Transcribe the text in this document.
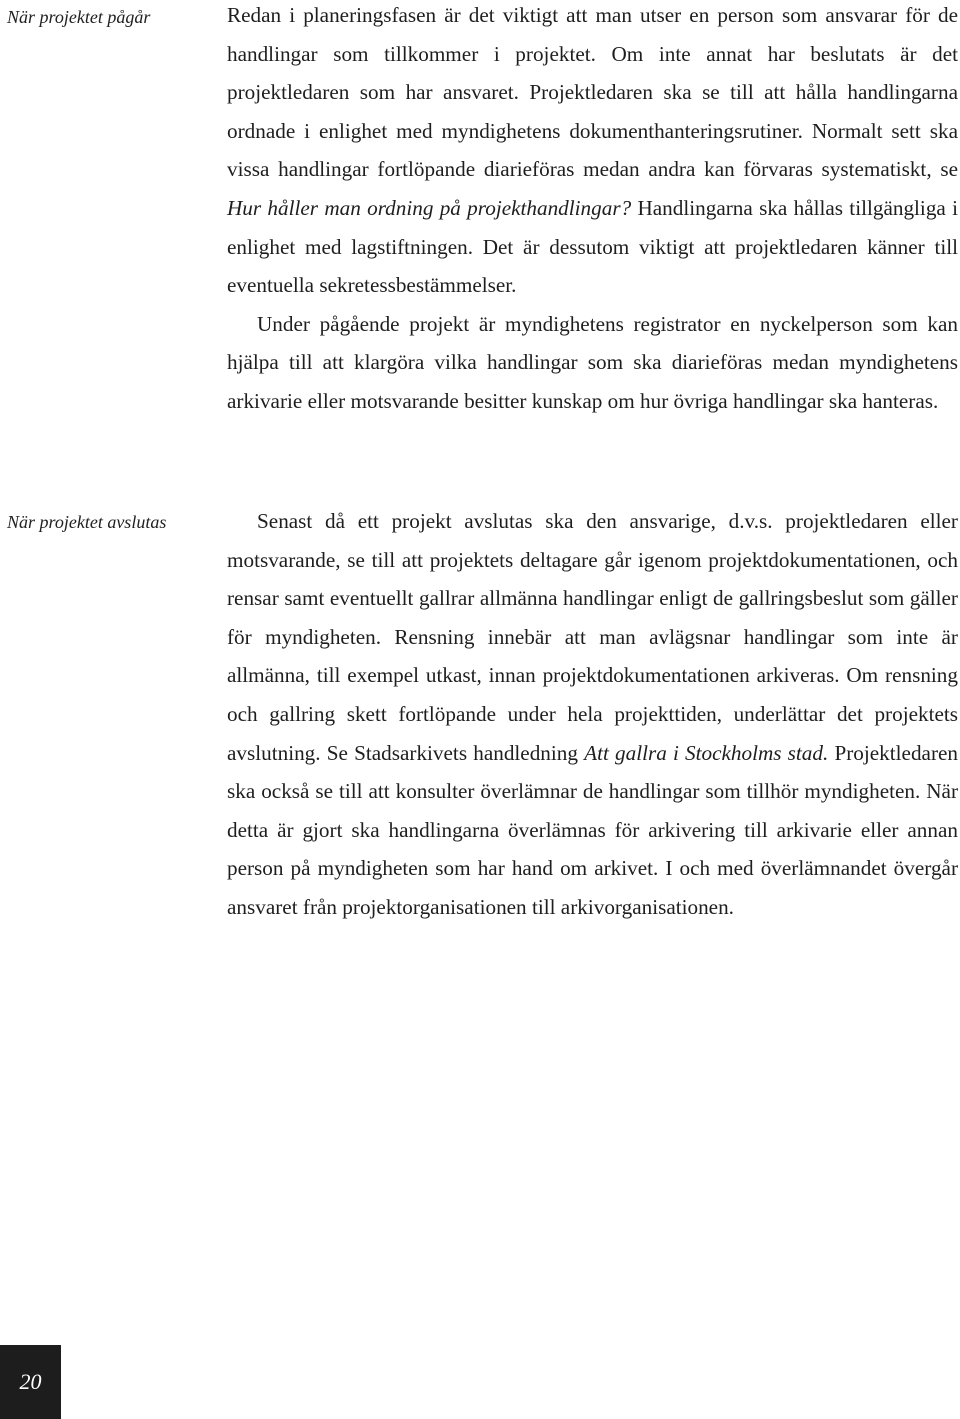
När projektet pågår
När projektet avslutas

Redan i planeringsfasen är det viktigt att man utser en person som ansvarar för de handlingar som tillkommer i projektet. Om inte annat har beslutats är det projektledaren som har ansvaret. Projektledaren ska se till att hålla handlingarna ordnade i enlighet med myndighetens dokumenthanteringsrutiner. Normalt sett ska vissa handlingar fortlöpande diarieföras medan andra kan förvaras systematiskt, se Hur håller man ordning på projekthandlingar? Handlingarna ska hållas tillgängliga i enlighet med lagstiftningen. Det är dessutom viktigt att projektledaren känner till eventuella sekretessbestämmelser.

Under pågående projekt är myndighetens registrator en nyckelperson som kan hjälpa till att klargöra vilka handlingar som ska diarieföras medan myndighetens arkivarie eller motsvarande besitter kunskap om hur övriga handlingar ska hanteras.

Senast då ett projekt avslutas ska den ansvarige, d.v.s. projektledaren eller motsvarande, se till att projektets deltagare går igenom projektdokumentationen, och rensar samt eventuellt gallrar allmänna handlingar enligt de gallringsbeslut som gäller för myndigheten. Rensning innebär att man avlägsnar handlingar som inte är allmänna, till exempel utkast, innan projektdokumentationen arkiveras. Om rensning och gallring skett fortlöpande under hela projekttiden, underlättar det projektets avslutning. Se Stadsarkivets handledning Att gallra i Stockholms stad. Projektledaren ska också se till att konsulter överlämnar de handlingar som tillhör myndigheten. När detta är gjort ska handlingarna överlämnas för arkivering till arkivarie eller annan person på myndigheten som har hand om arkivet. I och med överlämnandet övergår ansvaret från projektorganisationen till arkivorganisationen.

20
